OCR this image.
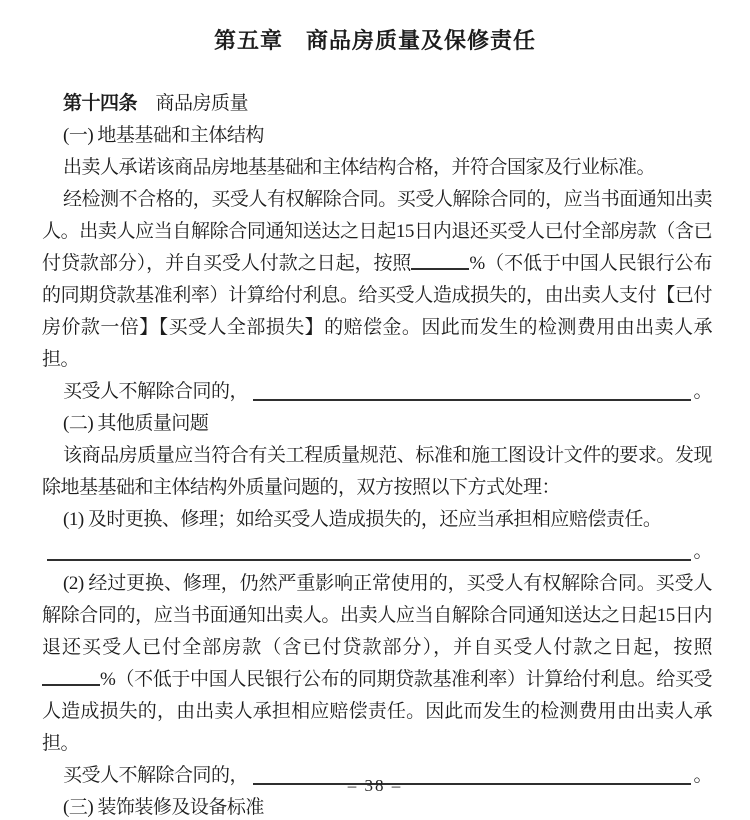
第五章　商品房质量及保修责任

第十四条　商品房质量

(一) 地基基础和主体结构

出卖人承诺该商品房地基基础和主体结构合格，并符合国家及行业标准。

经检测不合格的，买受人有权解除合同。买受人解除合同的，应当书面通知出卖人。出卖人应当自解除合同通知送达之日起15日内退还买受人已付全部房款（含已付贷款部分），并自买受人付款之日起，按照	%（不低于中国人民银行公布的同期贷款基准利率）计算给付利息。给买受人造成损失的，由出卖人支付【已付房价款一倍】【买受人全部损失】的赔偿金。因此而发生的检测费用由出卖人承担。

买受人不解除合同的，	。

(二) 其他质量问题

该商品房质量应当符合有关工程质量规范、标准和施工图设计文件的要求。发现除地基基础和主体结构外质量问题的，双方按照以下方式处理：

(1) 及时更换、修理；如给买受人造成损失的，还应当承担相应赔偿责任。

。

(2) 经过更换、修理，仍然严重影响正常使用的，买受人有权解除合同。买受人解除合同的，应当书面通知出卖人。出卖人应当自解除合同通知送达之日起15日内退还买受人已付全部房款（含已付贷款部分），并自买受人付款之日起，按照%（不低于中国人民银行公布的同期贷款基准利率）计算给付利息。给买受人造成损失的，由出卖人承担相应赔偿责任。因此而发生的检测费用由出卖人承担。

买受人不解除合同的，	。

(三) 装饰装修及设备标准

– 38 –
